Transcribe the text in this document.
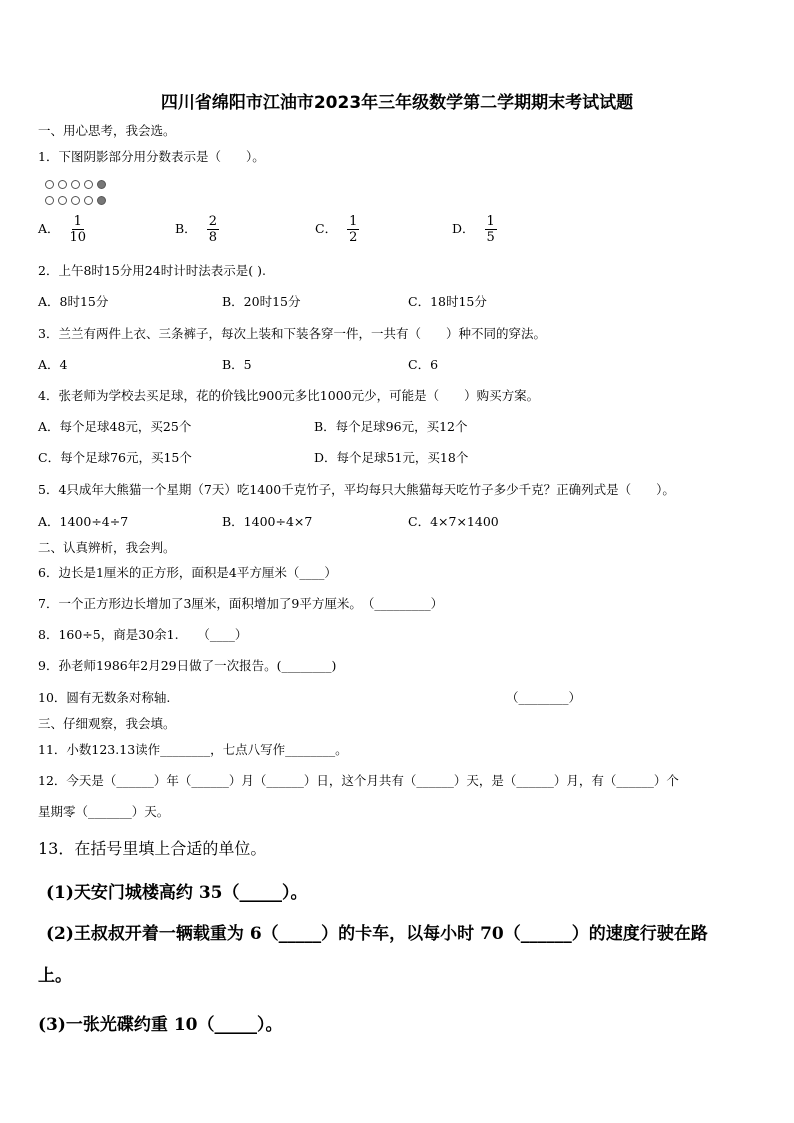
四川省绵阳市江油市2023年三年级数学第二学期期末考试试题
一、用心思考，我会选。
1．下图阴影部分用分数表示是（　　）。
A． $\frac{1}{10}$	B． $\frac{2}{8}$	C． $\frac{1}{2}$	D． $\frac{1}{5}$
2．上午8时15分用24时计时法表示是( ).
A．8时15分	B．20时15分	C．18时15分
3．兰兰有两件上衣、三条裤子，每次上装和下装各穿一件，一共有（　　）种不同的穿法。
A．4	B．5	C．6
4．张老师为学校去买足球，花的价钱比900元多比1000元少，可能是（　　）购买方案。
A．每个足球48元，买25个	B．每个足球96元，买12个
C．每个足球76元，买15个	D．每个足球51元，买18个
5．4只成年大熊猫一个星期（7天）吃1400千克竹子，平均每只大熊猫每天吃竹子多少千克？正确列式是（　　）。
A．1400÷4÷7	B．1400÷4×7	C．4×7×1400
二、认真辨析，我会判。
6．边长是1厘米的正方形，面积是4平方厘米（____）
7．一个正方形边长增加了3厘米，面积增加了9平方厘米。　（_________）
8．160÷5，商是30余1.　　（____）
9．孙老师1986年2月29日做了一次报告。(________)
10．圆有无数条对称轴.	（________）
三、仔细观察，我会填。
11．小数123.13读作________，七点八写作________。
12．今天是（______）年（______）月（______）日，这个月共有（______）天，是（______）月，有（______）个
星期零（_______）天。
13．在括号里填上合适的单位。
(1)天安门城楼高约 35（_____）。
(2)王叔叔开着一辆载重为 6（_____）的卡车，以每小时 70（______）的速度行驶在路
上。
(3)一张光碟约重 10（_____）。
